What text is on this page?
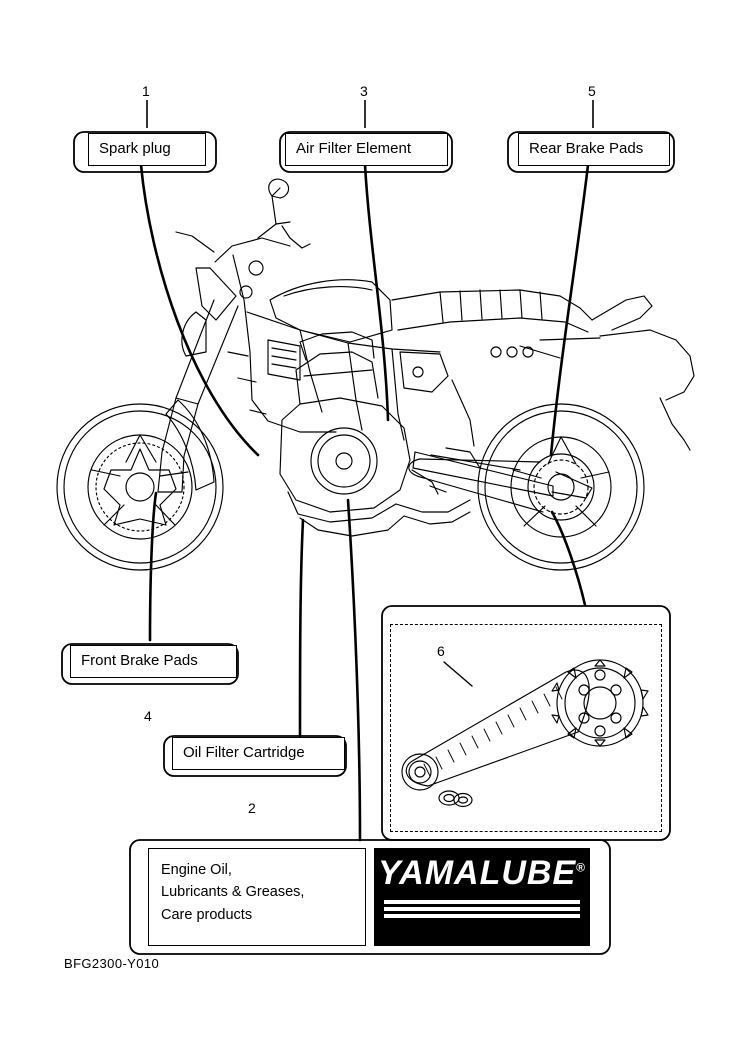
1	3	5
4
2
6
Spark plug	Air Filter Element	Rear Brake Pads
Front Brake Pads
Oil Filter Cartridge
Engine Oil,
Lubricants & Greases,
Care products
YAMALUBE®
BFG2300-Y010
